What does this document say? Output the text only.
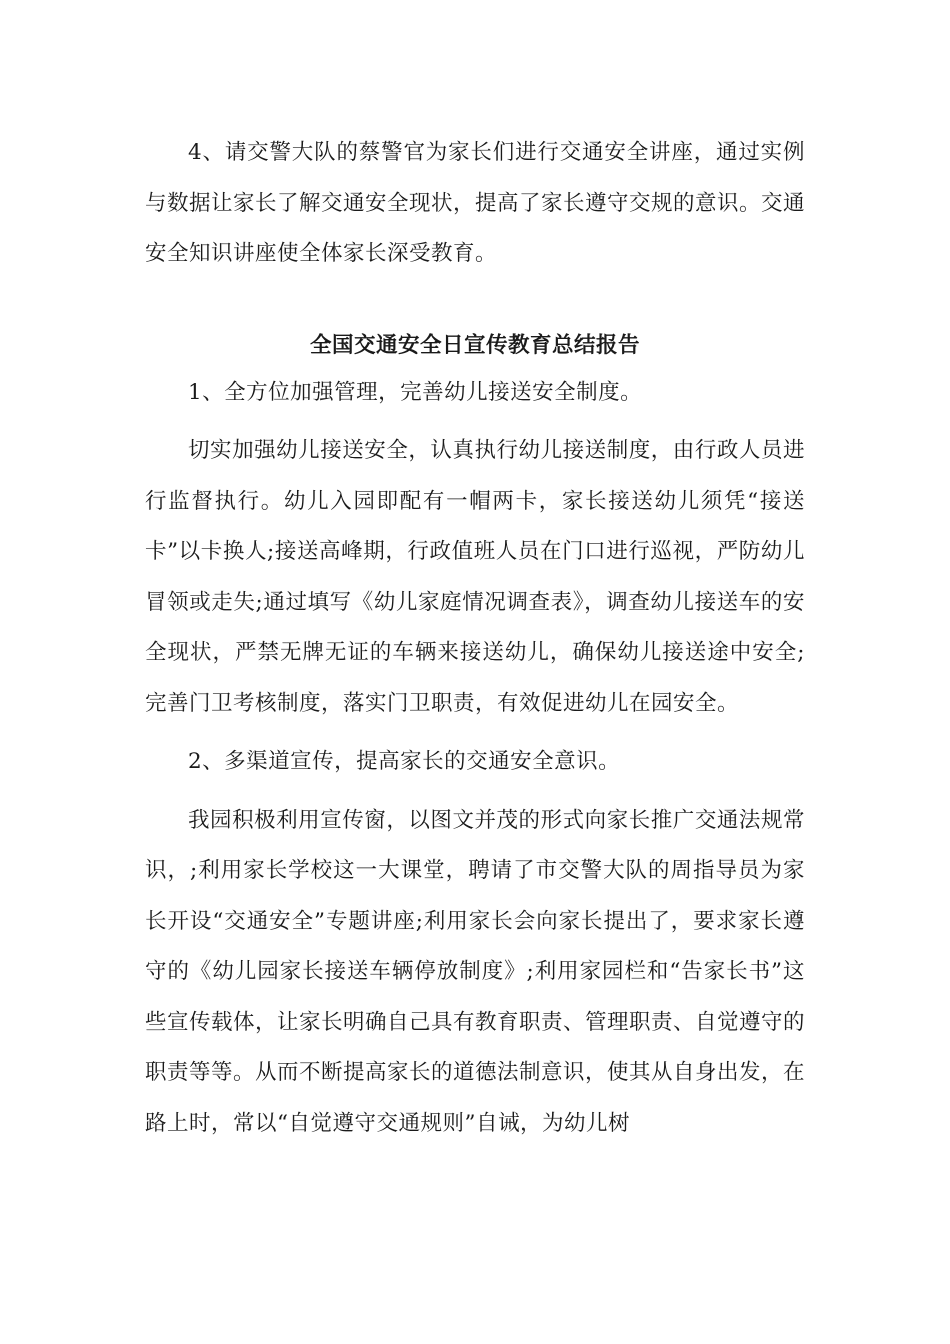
4、请交警大队的蔡警官为家长们进行交通安全讲座，通过实例与数据让家长了解交通安全现状，提高了家长遵守交规的意识。交通安全知识讲座使全体家长深受教育。

全国交通安全日宣传教育总结报告

1、全方位加强管理，完善幼儿接送安全制度。

切实加强幼儿接送安全，认真执行幼儿接送制度，由行政人员进行监督执行。幼儿入园即配有一帽两卡，家长接送幼儿须凭“接送卡”以卡换人;接送高峰期，行政值班人员在门口进行巡视，严防幼儿冒领或走失;通过填写《幼儿家庭情况调查表》，调查幼儿接送车的安全现状，严禁无牌无证的车辆来接送幼儿，确保幼儿接送途中安全;完善门卫考核制度，落实门卫职责，有效促进幼儿在园安全。

2、多渠道宣传，提高家长的交通安全意识。

我园积极利用宣传窗，以图文并茂的形式向家长推广交通法规常识，;利用家长学校这一大课堂，聘请了市交警大队的周指导员为家长开设“交通安全”专题讲座;利用家长会向家长提出了，要求家长遵守的《幼儿园家长接送车辆停放制度》;利用家园栏和“告家长书”这些宣传载体，让家长明确自己具有教育职责、管理职责、自觉遵守的职责等等。从而不断提高家长的道德法制意识，使其从自身出发，在路上时，常以“自觉遵守交通规则”自诫，为幼儿树
